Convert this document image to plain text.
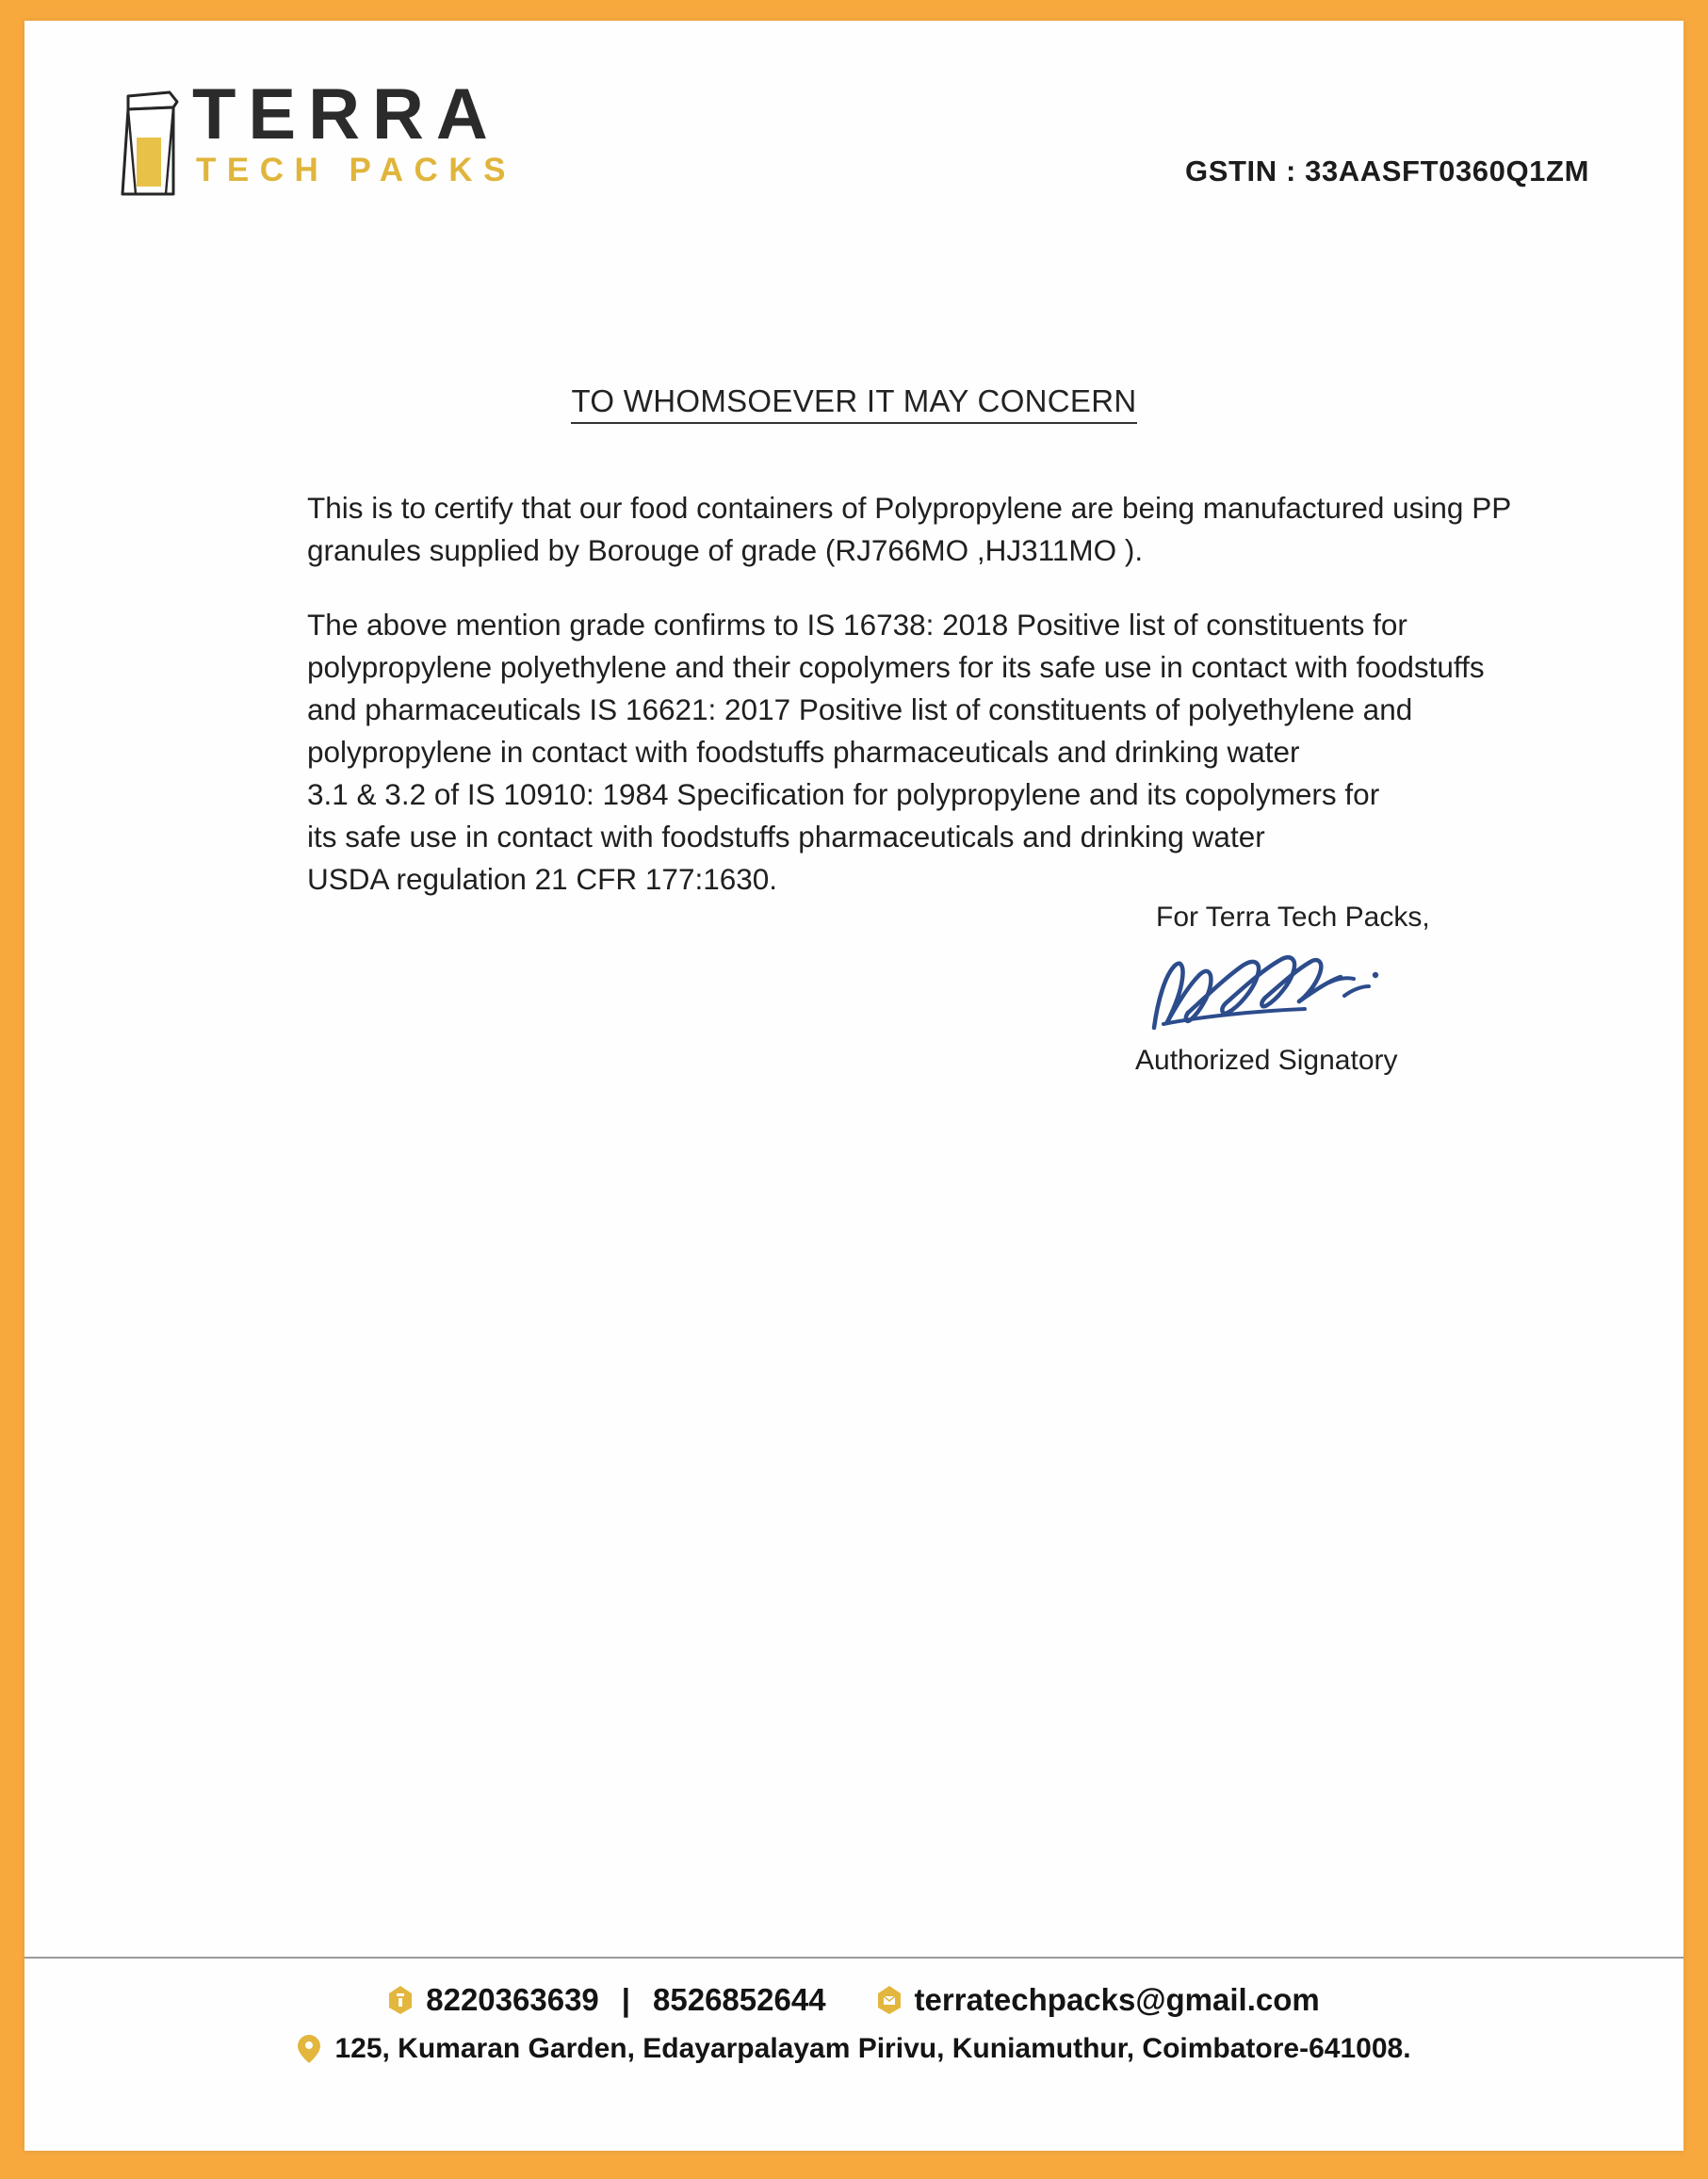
TERRA
TECH PACKS	GSTIN : 33AASFT0360Q1ZM
TO WHOMSOEVER IT MAY CONCERN

This is to certify that our food containers of Polypropylene are being manufactured using PP
granules supplied by Borouge of grade (RJ766MO ,HJ311MO ).

The above mention grade confirms to IS 16738: 2018 Positive list of constituents for
polypropylene polyethylene and their copolymers for its safe use in contact with foodstuffs
and pharmaceuticals IS 16621: 2017 Positive list of constituents of polyethylene and
polypropylene in contact with foodstuffs pharmaceuticals and drinking water
3.1 & 3.2 of IS 10910: 1984 Specification for polypropylene and its copolymers for
its safe use in contact with foodstuffs pharmaceuticals and drinking water
USDA regulation 21 CFR 177:1630.

For Terra Tech Packs,
Authorized Signatory
8220363639 | 8526852644	terratechpacks@gmail.com
125, Kumaran Garden, Edayarpalayam Pirivu, Kuniamuthur, Coimbatore-641008.
